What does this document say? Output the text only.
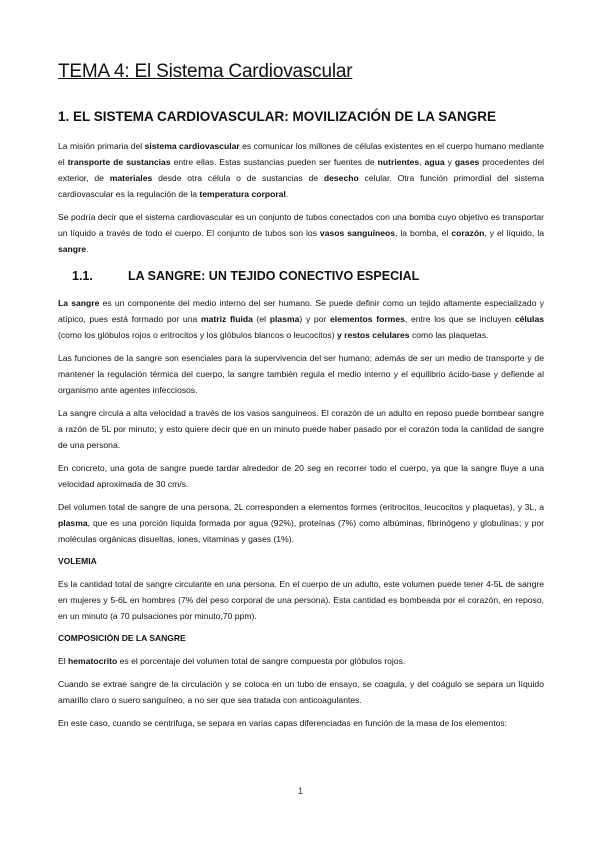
TEMA 4: El Sistema Cardiovascular
1. EL SISTEMA CARDIOVASCULAR: MOVILIZACIÓN DE LA SANGRE

La misión primaria del sistema cardiovascular es comunicar los millones de células existentes en el cuerpo humano mediante el transporte de sustancias entre ellas. Estas sustancias pueden ser fuentes de nutrientes, agua y gases procedentes del exterior, de materiales desde otra célula o de sustancias de desecho celular. Otra función primordial del sistema cardiovascular es la regulación de la temperatura corporal.

Se podría decir que el sistema cardiovascular es un conjunto de tubos conectados con una bomba cuyo objetivo es transportar un líquido a través de todo el cuerpo. El conjunto de tubos son los vasos sanguíneos, la bomba, el corazón, y el líquido, la sangre.

1.1.	LA SANGRE: UN TEJIDO CONECTIVO ESPECIAL

La sangre es un componente del medio interno del ser humano. Se puede definir como un tejido altamente especializado y atípico, pues está formado por una matriz fluida (el plasma) y por elementos formes, entre los que se incluyen células (como los glóbulos rojos o eritrocitos y los glóbulos blancos o leucocitos) y restos celulares como las plaquetas.

Las funciones de la sangre son esenciales para la supervivencia del ser humano; además de ser un medio de transporte y de mantener la regulación térmica del cuerpo, la sangre también regula el medio interno y el equilibrio ácido-base y defiende al organismo ante agentes infecciosos.

La sangre circula a alta velocidad a través de los vasos sanguíneos. El corazón de un adulto en reposo puede bombear sangre a razón de 5L por minuto; y esto quiere decir que en un minuto puede haber pasado por el corazón toda la cantidad de sangre de una persona.

En concreto, una gota de sangre puede tardar alrededor de 20 seg en recorrer todo el cuerpo, ya que la sangre fluye a una velocidad aproximada de 30 cm/s.

Del volumen total de sangre de una persona, 2L corresponden a elementos formes (eritrocitos, leucocitos y plaquetas), y 3L, a plasma, que es una porción líquida formada por agua (92%), proteínas (7%) como albúminas, fibrinógeno y globulinas; y por moléculas orgánicas disueltas, iones, vitaminas y gases (1%).

VOLEMIA

Es la cantidad total de sangre circulante en una persona. En el cuerpo de un adulto, este volumen puede tener 4-5L de sangre en mujeres y 5-6L en hombres (7% del peso corporal de una persona). Esta cantidad es bombeada por el corazón, en reposo, en un minuto (a 70 pulsaciones por minuto,70 ppm).

COMPOSICIÓN DE LA SANGRE

El hematocrito es el porcentaje del volumen total de sangre compuesta por glóbulos rojos.

Cuando se extrae sangre de la circulación y se coloca en un tubo de ensayo, se coagula, y del coágulo se separa un líquido amarillo claro o suero sanguíneo, a no ser que sea tratada con anticoagulantes.

En este caso, cuando se centrifuga, se separa en varias capas diferenciadas en función de la masa de los elementos:

1
